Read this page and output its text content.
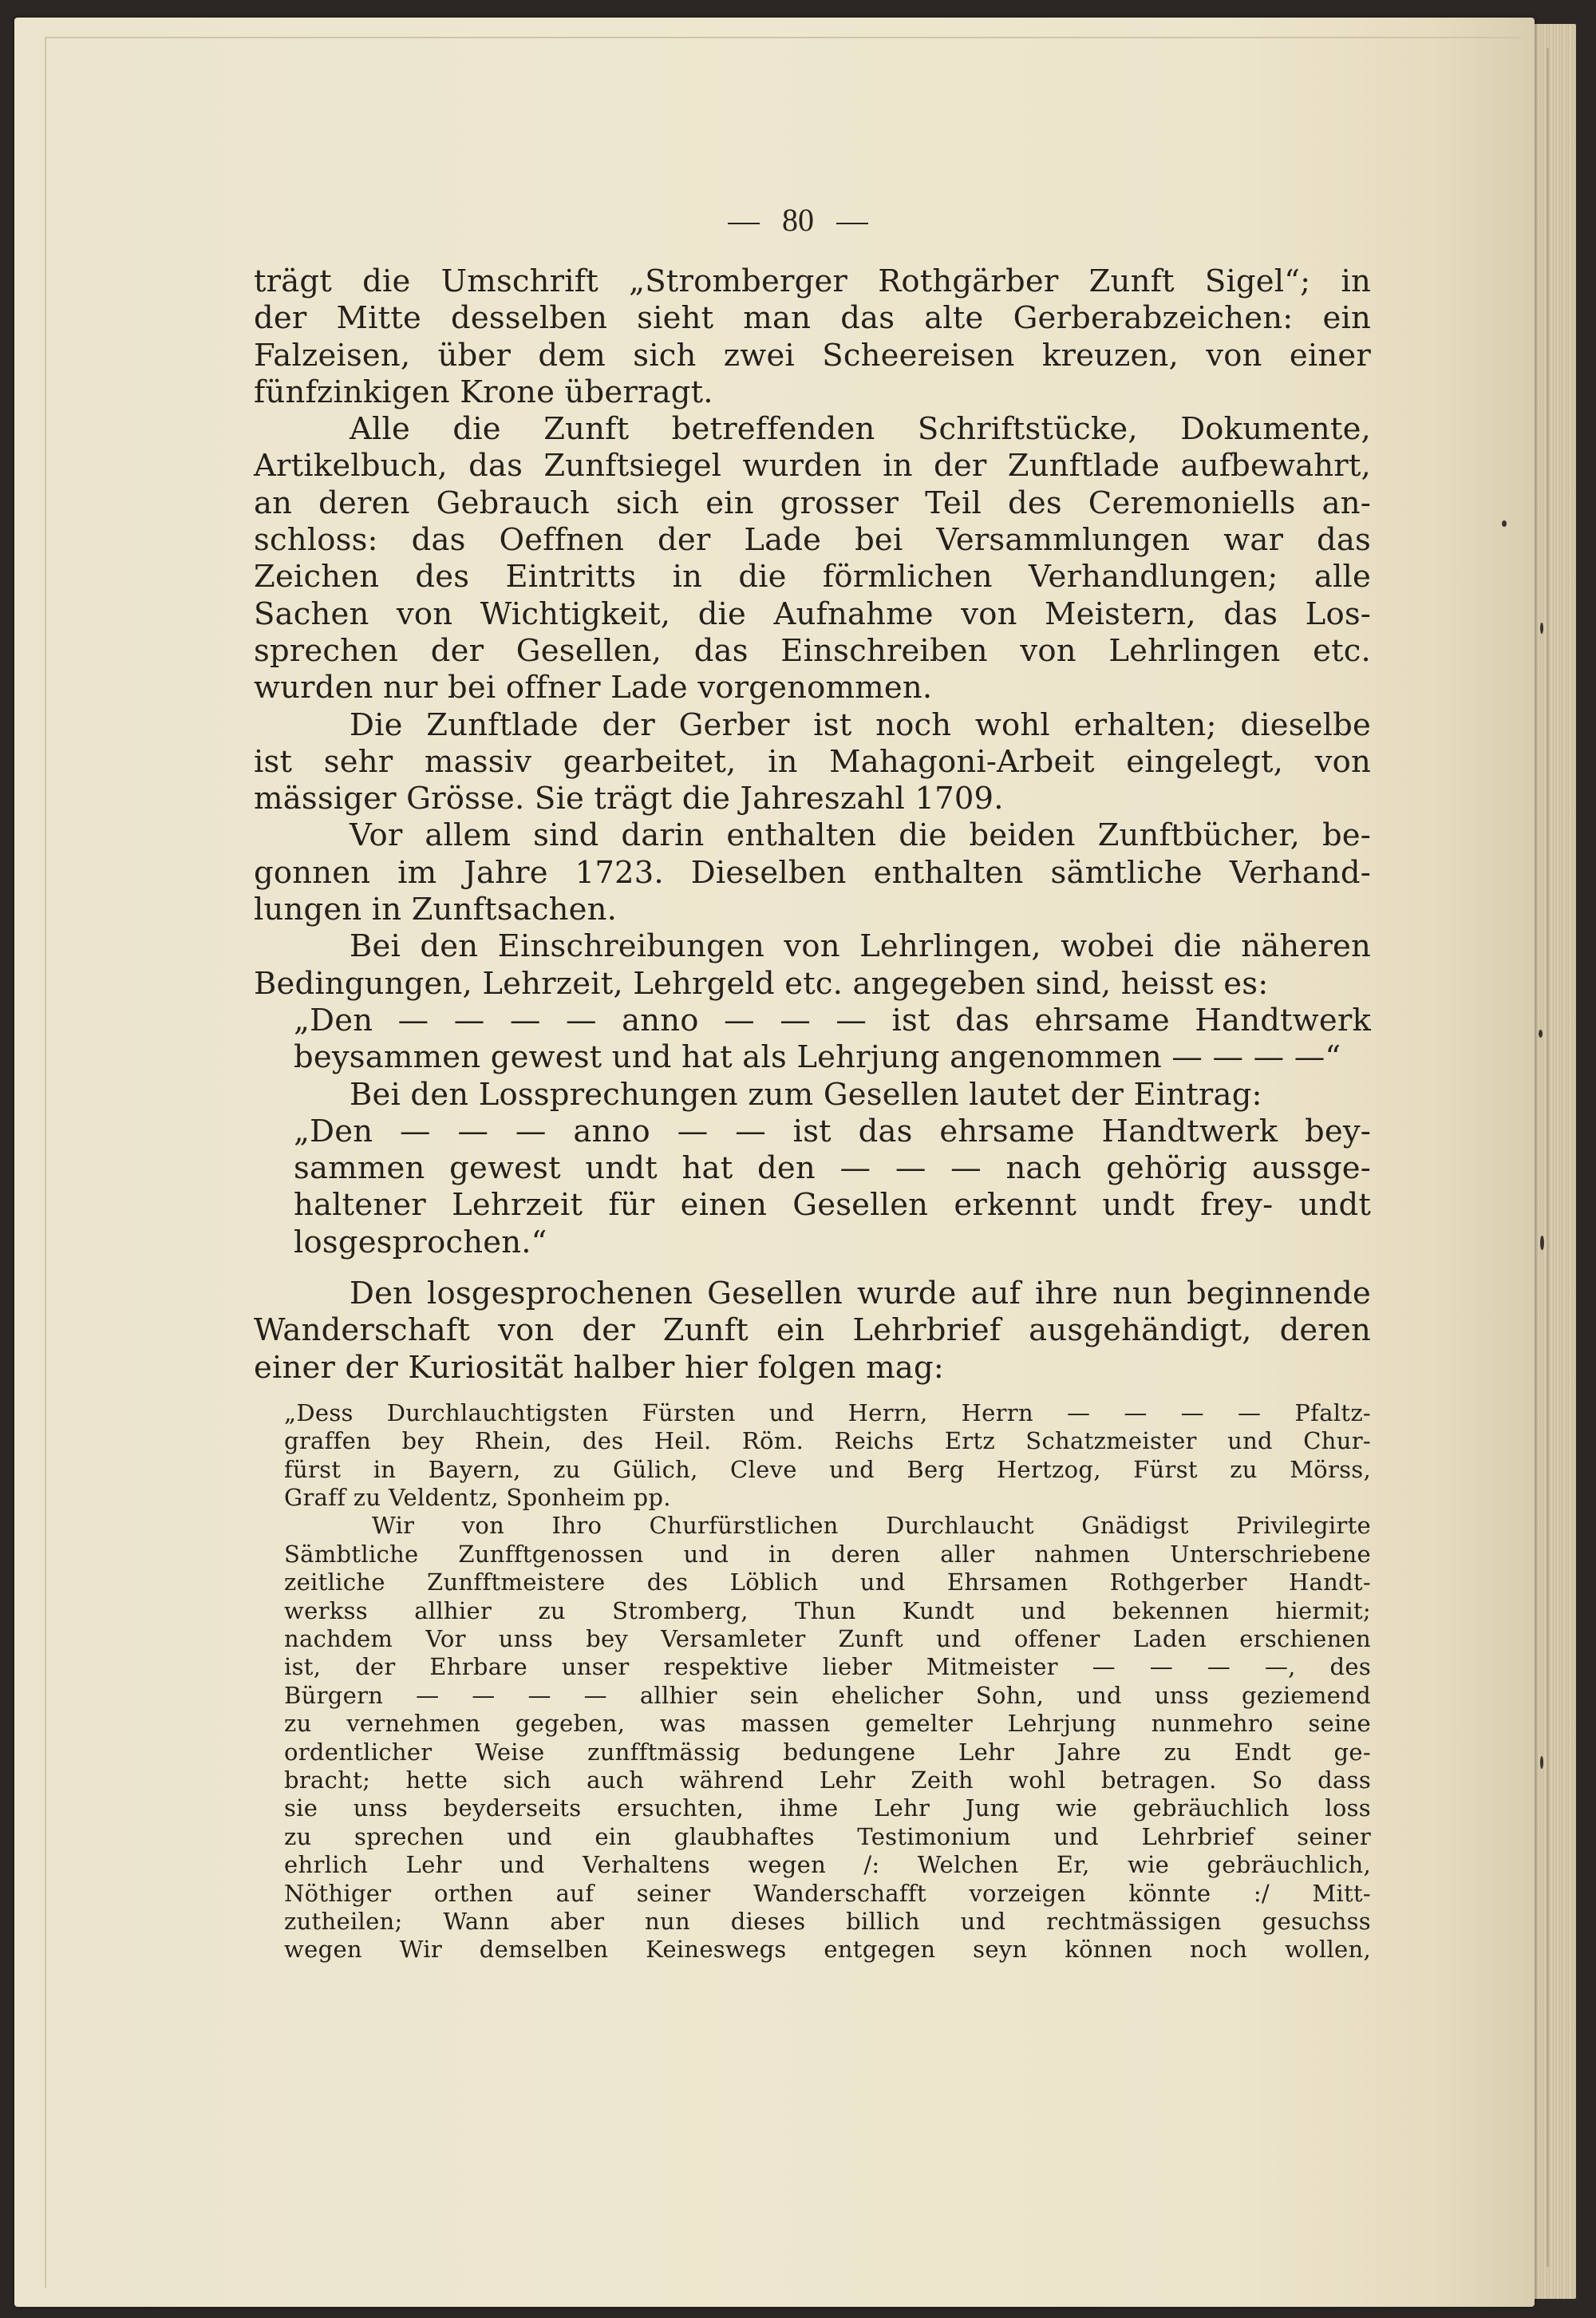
80
trägt die Umschrift „Stromberger Rothgärber Zunft Sigel“; in
der Mitte desselben sieht man das alte Gerberabzeichen: ein
Falzeisen, über dem sich zwei Scheereisen kreuzen, von einer
fünfzinkigen Krone überragt.
Alle die Zunft betreffenden Schriftstücke, Dokumente,
Artikelbuch, das Zunftsiegel wurden in der Zunftlade aufbewahrt,
an deren Gebrauch sich ein grosser Teil des Ceremoniells an-
schloss: das Oeffnen der Lade bei Versammlungen war das
Zeichen des Eintritts in die förmlichen Verhandlungen; alle
Sachen von Wichtigkeit, die Aufnahme von Meistern, das Los-
sprechen der Gesellen, das Einschreiben von Lehrlingen etc.
wurden nur bei offner Lade vorgenommen.
Die Zunftlade der Gerber ist noch wohl erhalten; dieselbe
ist sehr massiv gearbeitet, in Mahagoni-Arbeit eingelegt, von
mässiger Grösse. Sie trägt die Jahreszahl 1709.
Vor allem sind darin enthalten die beiden Zunftbücher, be-
gonnen im Jahre 1723. Dieselben enthalten sämtliche Verhand-
lungen in Zunftsachen.
Bei den Einschreibungen von Lehrlingen, wobei die näheren
Bedingungen, Lehrzeit, Lehrgeld etc. angegeben sind, heisst es:
„Den — — — — anno — — — ist das ehrsame Handtwerk
beysammen gewest und hat als Lehrjung angenommen — — — —“
Bei den Lossprechungen zum Gesellen lautet der Eintrag:
„Den — — — anno — — ist das ehrsame Handtwerk bey-
sammen gewest undt hat den — — — nach gehörig aussge-
haltener Lehrzeit für einen Gesellen erkennt undt frey- undt
losgesprochen.“
Den losgesprochenen Gesellen wurde auf ihre nun beginnende
Wanderschaft von der Zunft ein Lehrbrief ausgehändigt, deren
einer der Kuriosität halber hier folgen mag:
„Dess Durchlauchtigsten Fürsten und Herrn, Herrn — — — — Pfaltz-
graffen bey Rhein, des Heil. Röm. Reichs Ertz Schatzmeister und Chur-
fürst in Bayern, zu Gülich, Cleve und Berg Hertzog, Fürst zu Mörss,
Graff zu Veldentz, Sponheim pp.
Wir von Ihro Churfürstlichen Durchlaucht Gnädigst Privilegirte
Sämbtliche Zunfftgenossen und in deren aller nahmen Unterschriebene
zeitliche Zunfftmeistere des Löblich und Ehrsamen Rothgerber Handt-
werkss allhier zu Stromberg, Thun Kundt und bekennen hiermit;
nachdem Vor unss bey Versamleter Zunft und offener Laden erschienen
ist, der Ehrbare unser respektive lieber Mitmeister — — — —, des
Bürgern — — — — allhier sein ehelicher Sohn, und unss geziemend
zu vernehmen gegeben, was massen gemelter Lehrjung nunmehro seine
ordentlicher Weise zunfftmässig bedungene Lehr Jahre zu Endt ge-
bracht; hette sich auch während Lehr Zeith wohl betragen. So dass
sie unss beyderseits ersuchten, ihme Lehr Jung wie gebräuchlich loss
zu sprechen und ein glaubhaftes Testimonium und Lehrbrief seiner
ehrlich Lehr und Verhaltens wegen /: Welchen Er, wie gebräuchlich,
Nöthiger orthen auf seiner Wanderschafft vorzeigen könnte :/ Mitt-
zutheilen; Wann aber nun dieses billich und rechtmässigen gesuchss
wegen Wir demselben Keineswegs entgegen seyn können noch wollen,
